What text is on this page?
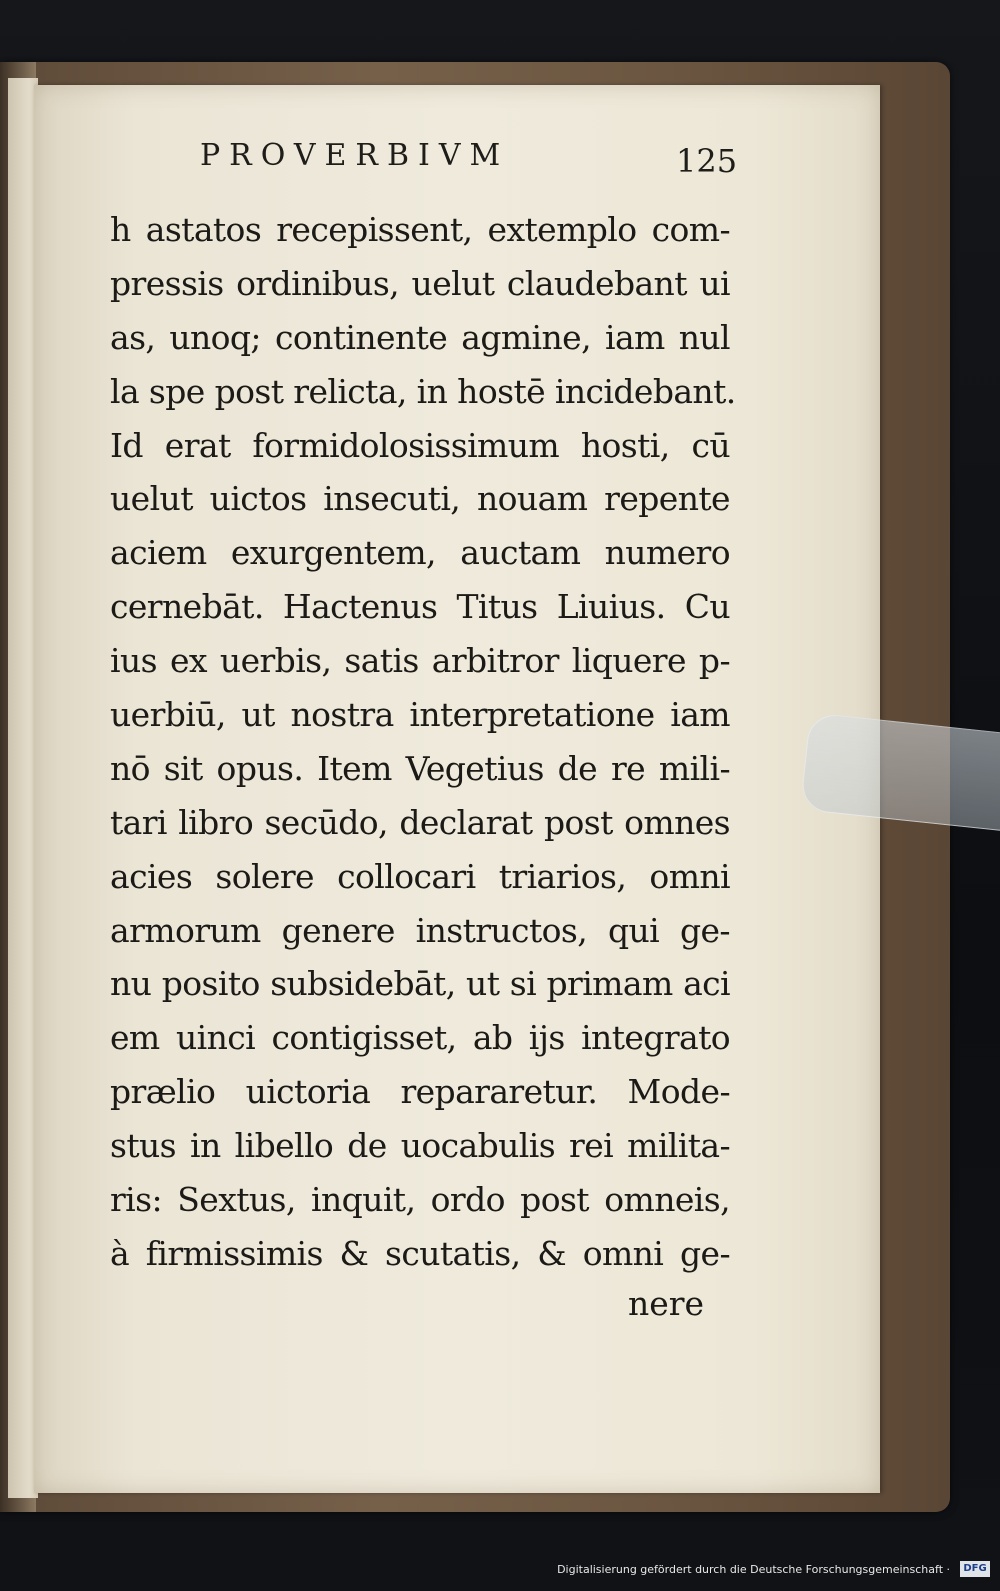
PROVERBIVM	125
h astatos recepissent, extemplo com-
pressis ordinibus, uelut claudebant ui
as, unoq; continente agmine, iam nul
la spe post relicta, in hostē incidebant.
Id erat formidolosissimum hosti, cū
uelut uictos insecuti, nouam repente
aciem exurgentem, auctam numero
cernebāt. Hactenus Titus Liuius. Cu
ius ex uerbis, satis arbitror liquere p-
uerbiū, ut nostra interpretatione iam
nō sit opus. Item Vegetius de re mili-
tari libro secūdo, declarat post omnes
acies solere collocari triarios, omni
armorum genere instructos, qui ge-
nu posito subsidebāt, ut si primam aci
em uinci contigisset, ab ijs integrato
prælio uictoria repararetur. Mode-
stus in libello de uocabulis rei milita-
ris: Sextus, inquit, ordo post omneis,
à firmissimis & scutatis, & omni ge-
nere
Digitalisierung gefördert durch die Deutsche Forschungsgemeinschaft ·	DFG
